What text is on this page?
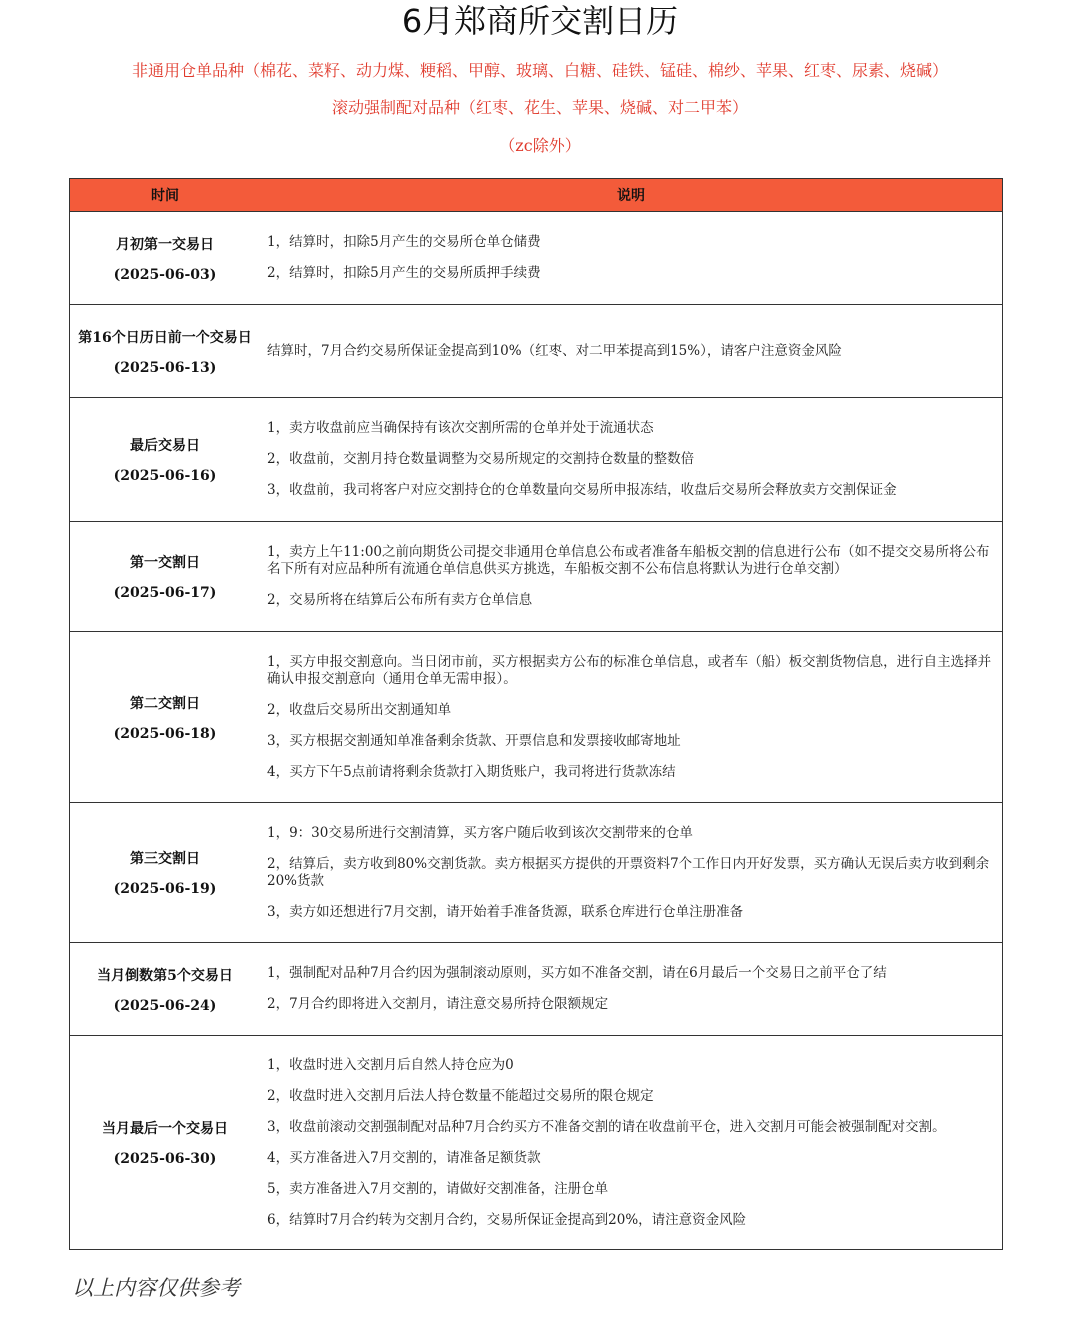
6月郑商所交割日历
非通用仓单品种（棉花、菜籽、动力煤、粳稻、甲醇、玻璃、白糖、硅铁、锰硅、棉纱、苹果、红枣、尿素、烧碱）
滚动强制配对品种（红枣、花生、苹果、烧碱、对二甲苯）
（zc除外）
时间	说明
月初第一交易日
(2025-06-03)
1，结算时，扣除5月产生的交易所仓单仓储费
2，结算时，扣除5月产生的交易所质押手续费
第16个日历日前一个交易日
(2025-06-13)
结算时，7月合约交易所保证金提高到10%（红枣、对二甲苯提高到15%），请客户注意资金风险
最后交易日
(2025-06-16)
1，卖方收盘前应当确保持有该次交割所需的仓单并处于流通状态
2，收盘前，交割月持仓数量调整为交易所规定的交割持仓数量的整数倍
3，收盘前，我司将客户对应交割持仓的仓单数量向交易所申报冻结，收盘后交易所会释放卖方交割保证金
第一交割日
(2025-06-17)
1，卖方上午11:00之前向期货公司提交非通用仓单信息公布或者准备车船板交割的信息进行公布（如不提交交易所将公布名下所有对应品种所有流通仓单信息供买方挑选，车船板交割不公布信息将默认为进行仓单交割）
2，交易所将在结算后公布所有卖方仓单信息
第二交割日
(2025-06-18)
1，买方申报交割意向。当日闭市前，买方根据卖方公布的标准仓单信息，或者车（船）板交割货物信息，进行自主选择并确认申报交割意向（通用仓单无需申报）。
2，收盘后交易所出交割通知单
3，买方根据交割通知单准备剩余货款、开票信息和发票接收邮寄地址
4，买方下午5点前请将剩余货款打入期货账户，我司将进行货款冻结
第三交割日
(2025-06-19)
1，9：30交易所进行交割清算，买方客户随后收到该次交割带来的仓单
2，结算后，卖方收到80%交割货款。卖方根据买方提供的开票资料7个工作日内开好发票，买方确认无误后卖方收到剩余20%货款
3，卖方如还想进行7月交割，请开始着手准备货源，联系仓库进行仓单注册准备
当月倒数第5个交易日
(2025-06-24)
1，强制配对品种7月合约因为强制滚动原则，买方如不准备交割，请在6月最后一个交易日之前平仓了结
2，7月合约即将进入交割月，请注意交易所持仓限额规定
当月最后一个交易日
(2025-06-30)
1，收盘时进入交割月后自然人持仓应为0
2，收盘时进入交割月后法人持仓数量不能超过交易所的限仓规定
3，收盘前滚动交割强制配对品种7月合约买方不准备交割的请在收盘前平仓，进入交割月可能会被强制配对交割。
4，买方准备进入7月交割的，请准备足额货款
5，卖方准备进入7月交割的，请做好交割准备，注册仓单
6，结算时7月合约转为交割月合约，交易所保证金提高到20%，请注意资金风险
以上内容仅供参考
